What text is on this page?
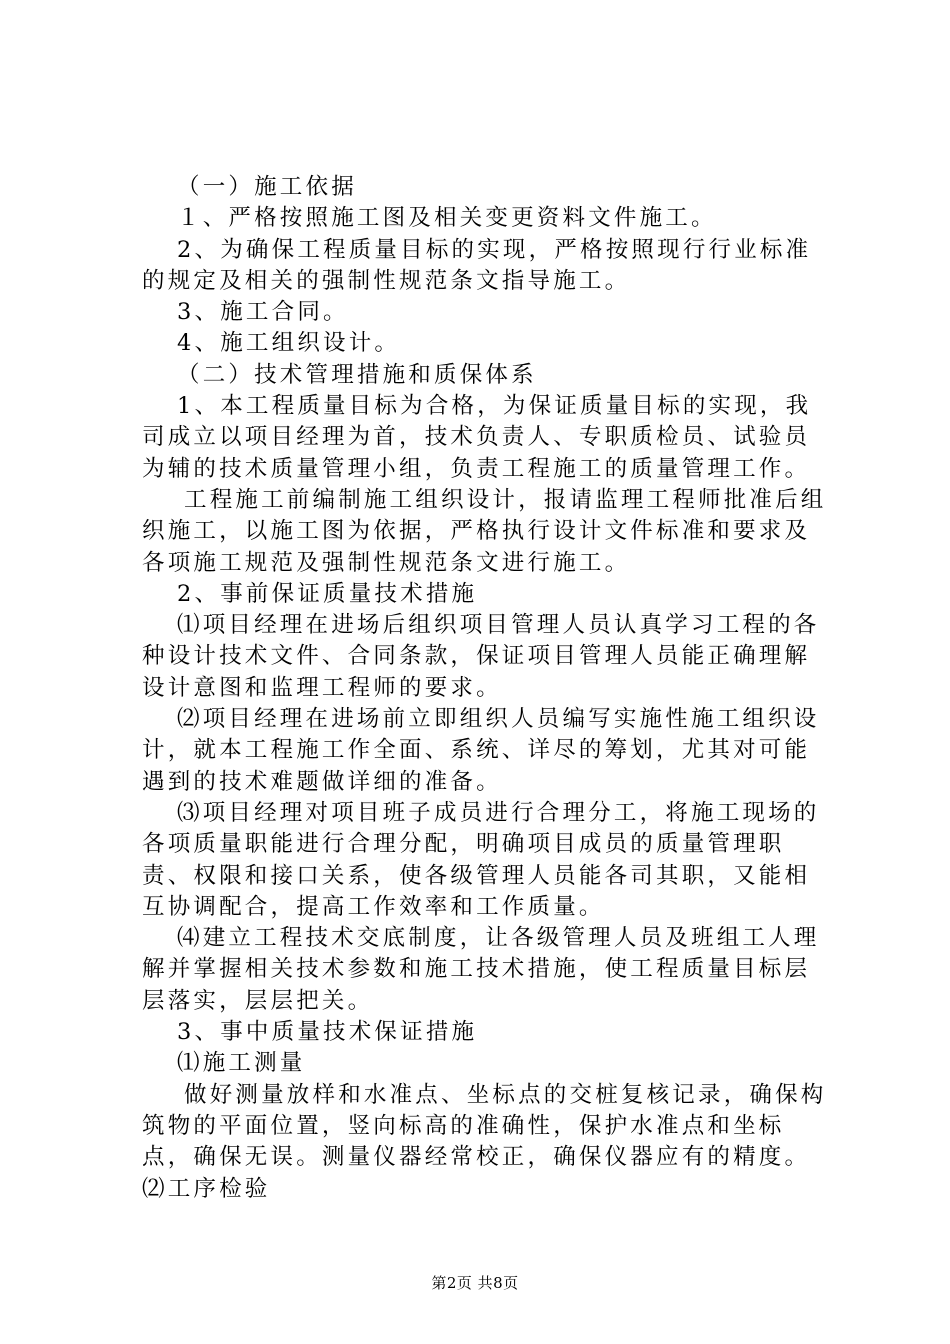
（一）施工依据

１、严格按照施工图及相关变更资料文件施工。

2、为确保工程质量目标的实现，严格按照现行行业标准的规定及相关的强制性规范条文指导施工。

3、施工合同。

4、施工组织设计。

（二）技术管理措施和质保体系

1、本工程质量目标为合格，为保证质量目标的实现，我司成立以项目经理为首，技术负责人、专职质检员、试验员为辅的技术质量管理小组，负责工程施工的质量管理工作。

工程施工前编制施工组织设计，报请监理工程师批准后组织施工，以施工图为依据，严格执行设计文件标准和要求及各项施工规范及强制性规范条文进行施工。

2、事前保证质量技术措施

⑴项目经理在进场后组织项目管理人员认真学习工程的各种设计技术文件、合同条款，保证项目管理人员能正确理解设计意图和监理工程师的要求。

⑵项目经理在进场前立即组织人员编写实施性施工组织设计，就本工程施工作全面、系统、详尽的筹划，尤其对可能遇到的技术难题做详细的准备。

⑶项目经理对项目班子成员进行合理分工，将施工现场的各项质量职能进行合理分配，明确项目成员的质量管理职责、权限和接口关系，使各级管理人员能各司其职，又能相互协调配合，提高工作效率和工作质量。

⑷建立工程技术交底制度，让各级管理人员及班组工人理解并掌握相关技术参数和施工技术措施，使工程质量目标层层落实，层层把关。

3、事中质量技术保证措施

⑴施工测量

做好测量放样和水准点、坐标点的交桩复核记录，确保构筑物的平面位置，竖向标高的准确性，保护水准点和坐标点，确保无误。测量仪器经常校正，确保仪器应有的精度。⑵工序检验

第2页 共8页
